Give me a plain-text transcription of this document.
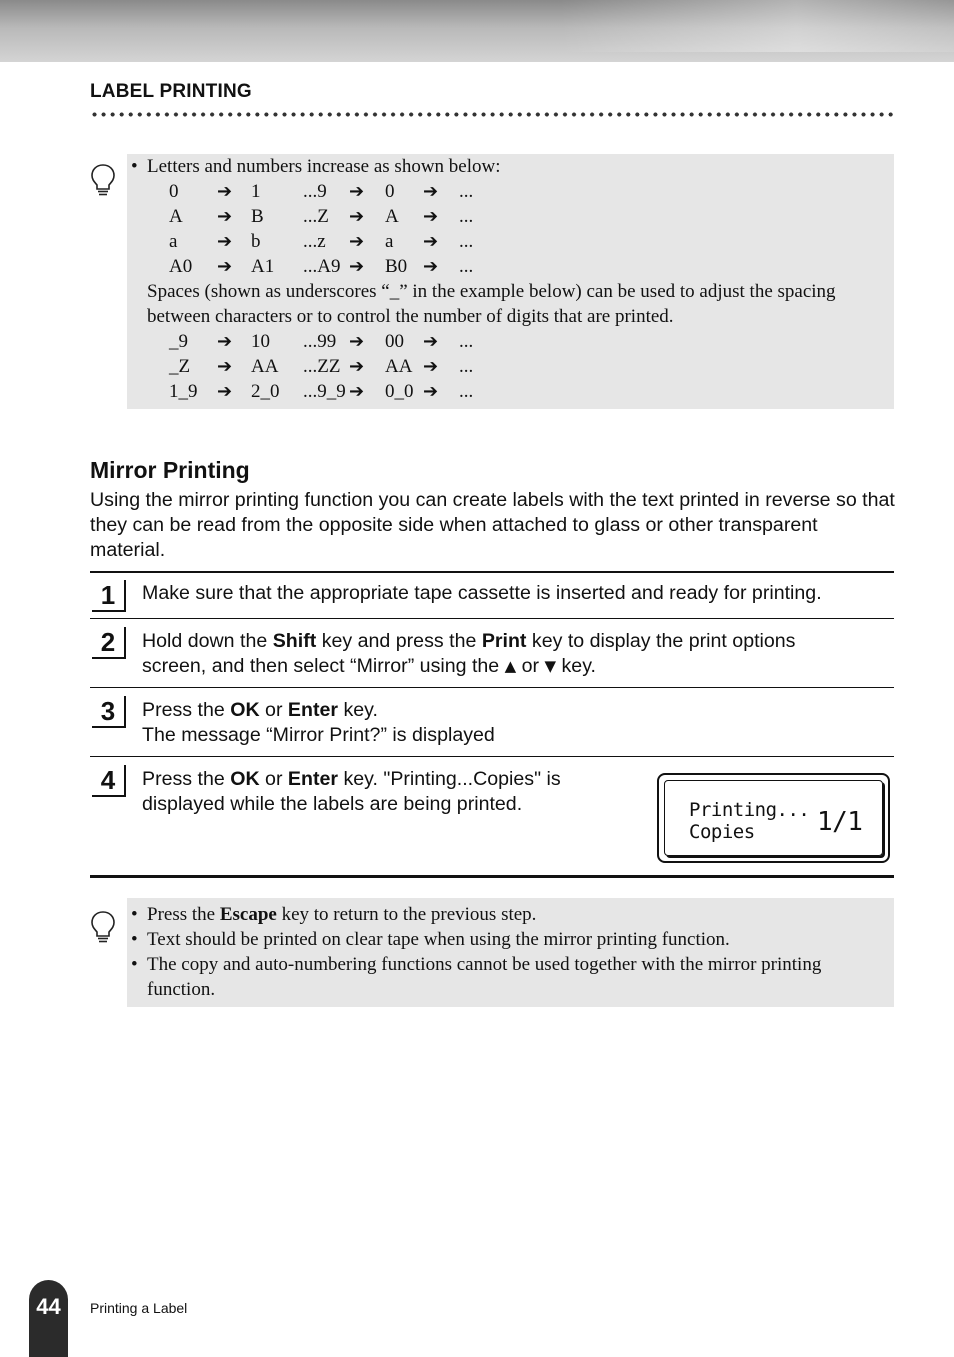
LABEL PRINTING
• Letters and numbers increase as shown below:
0 ➔ 1 ...9 ➔ 0 ➔ ...
A ➔ B ...Z ➔ A ➔ ...
a ➔ b ...z ➔ a ➔ ...
A0 ➔ A1 ...A9 ➔ B0 ➔ ...
Spaces (shown as underscores “_” in the example below) can be used to adjust the spacing between characters or to control the number of digits that are printed.
_9 ➔ 10 ...99 ➔ 00 ➔ ...
_Z ➔ AA ...ZZ ➔ AA ➔ ...
1_9 ➔ 2_0 ...9_9 ➔ 0_0 ➔ ...
Mirror Printing
Using the mirror printing function you can create labels with the text printed in reverse so that they can be read from the opposite side when attached to glass or other transparent material.
1	Make sure that the appropriate tape cassette is inserted and ready for printing.
2	Hold down the Shift key and press the Print key to display the print options
screen, and then select “Mirror” using the ▲ or ▼ key.
3	Press the OK or Enter key.
The message “Mirror Print?” is displayed
4	Press the OK or Enter key. "Printing...Copies" is
displayed while the labels are being printed.	Printing...
Copies 1/1
• Press the Escape key to return to the previous step.
• Text should be printed on clear tape when using the mirror printing function.
• The copy and auto-numbering functions cannot be used together with the mirror printing function.
44	Printing a Label
